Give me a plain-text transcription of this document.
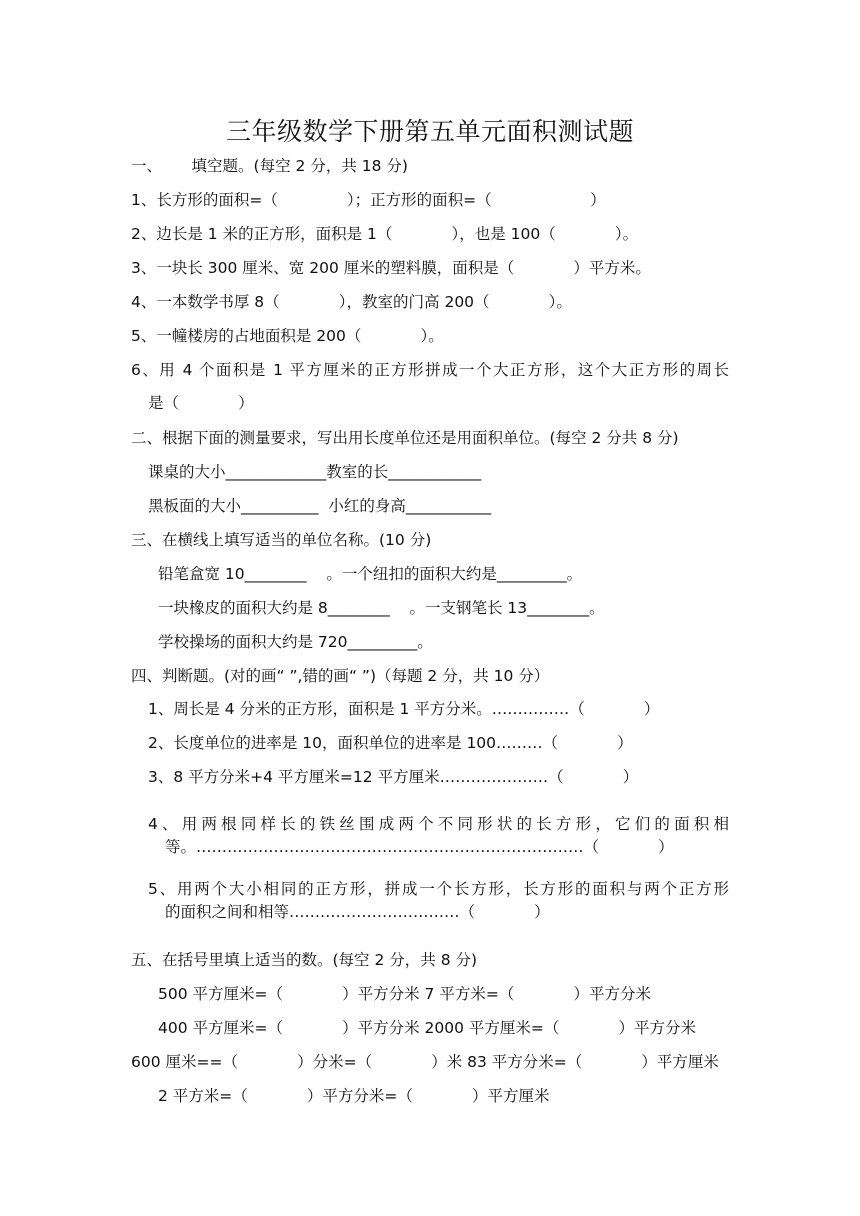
三年级数学下册第五单元面积测试题
一、      填空题。(每空 2 分，共 18 分)
1、长方形的面积=（              ）；正方形的面积=（                    ）
2、边长是 1 米的正方形，面积是 1（            ），也是 100（            ）。
3、一块长 300 厘米、宽 200 厘米的塑料膜，面积是（            ）平方米。
4、一本数学书厚 8（            ），教室的门高 200（            ）。
5、一幢楼房的占地面积是 200（            ）。
6、用 4 个面积是 1 平方厘米的正方形拼成一个大正方形，这个大正方形的周长
是（            ）
二、根据下面的测量要求，写出用长度单位还是用面积单位。(每空 2 分共 8 分)
课桌的大小_____________教室的长____________
黑板面的大小__________  小红的身高___________
三、在横线上填写适当的单位名称。(10 分)
铅笔盒宽 10________    。一个纽扣的面积大约是_________。
一块橡皮的面积大约是 8________    。一支钢笔长 13________。
学校操场的面积大约是 720_________。
四、判断题。(对的画“ ”,错的画“ ”)（每题 2 分，共 10 分）
1、周长是 4 分米的正方形，面积是 1 平方分米。……………（            ）
2、长度单位的进率是 10，面积单位的进率是 100………（            ）
3、8 平方分米+4 平方厘米=12 平方厘米…………………（            ）
4、用两根同样长的铁丝围成两个不同形状的长方形，它们的面积相
等。…………………………………………………………………（            ）
5、用两个大小相同的正方形，拼成一个长方形，长方形的面积与两个正方形
的面积之间和相等……………………………（            ）
五、在括号里填上适当的数。(每空 2 分，共 8 分)
500 平方厘米=（            ）平方分米 7 平方米=（            ）平方分米
400 平方厘米=（            ）平方分米 2000 平方厘米=（            ）平方分米
600 厘米==（            ）分米=（            ）米 83 平方分米=（            ）平方厘米
2 平方米=（            ）平方分米=（            ）平方厘米
